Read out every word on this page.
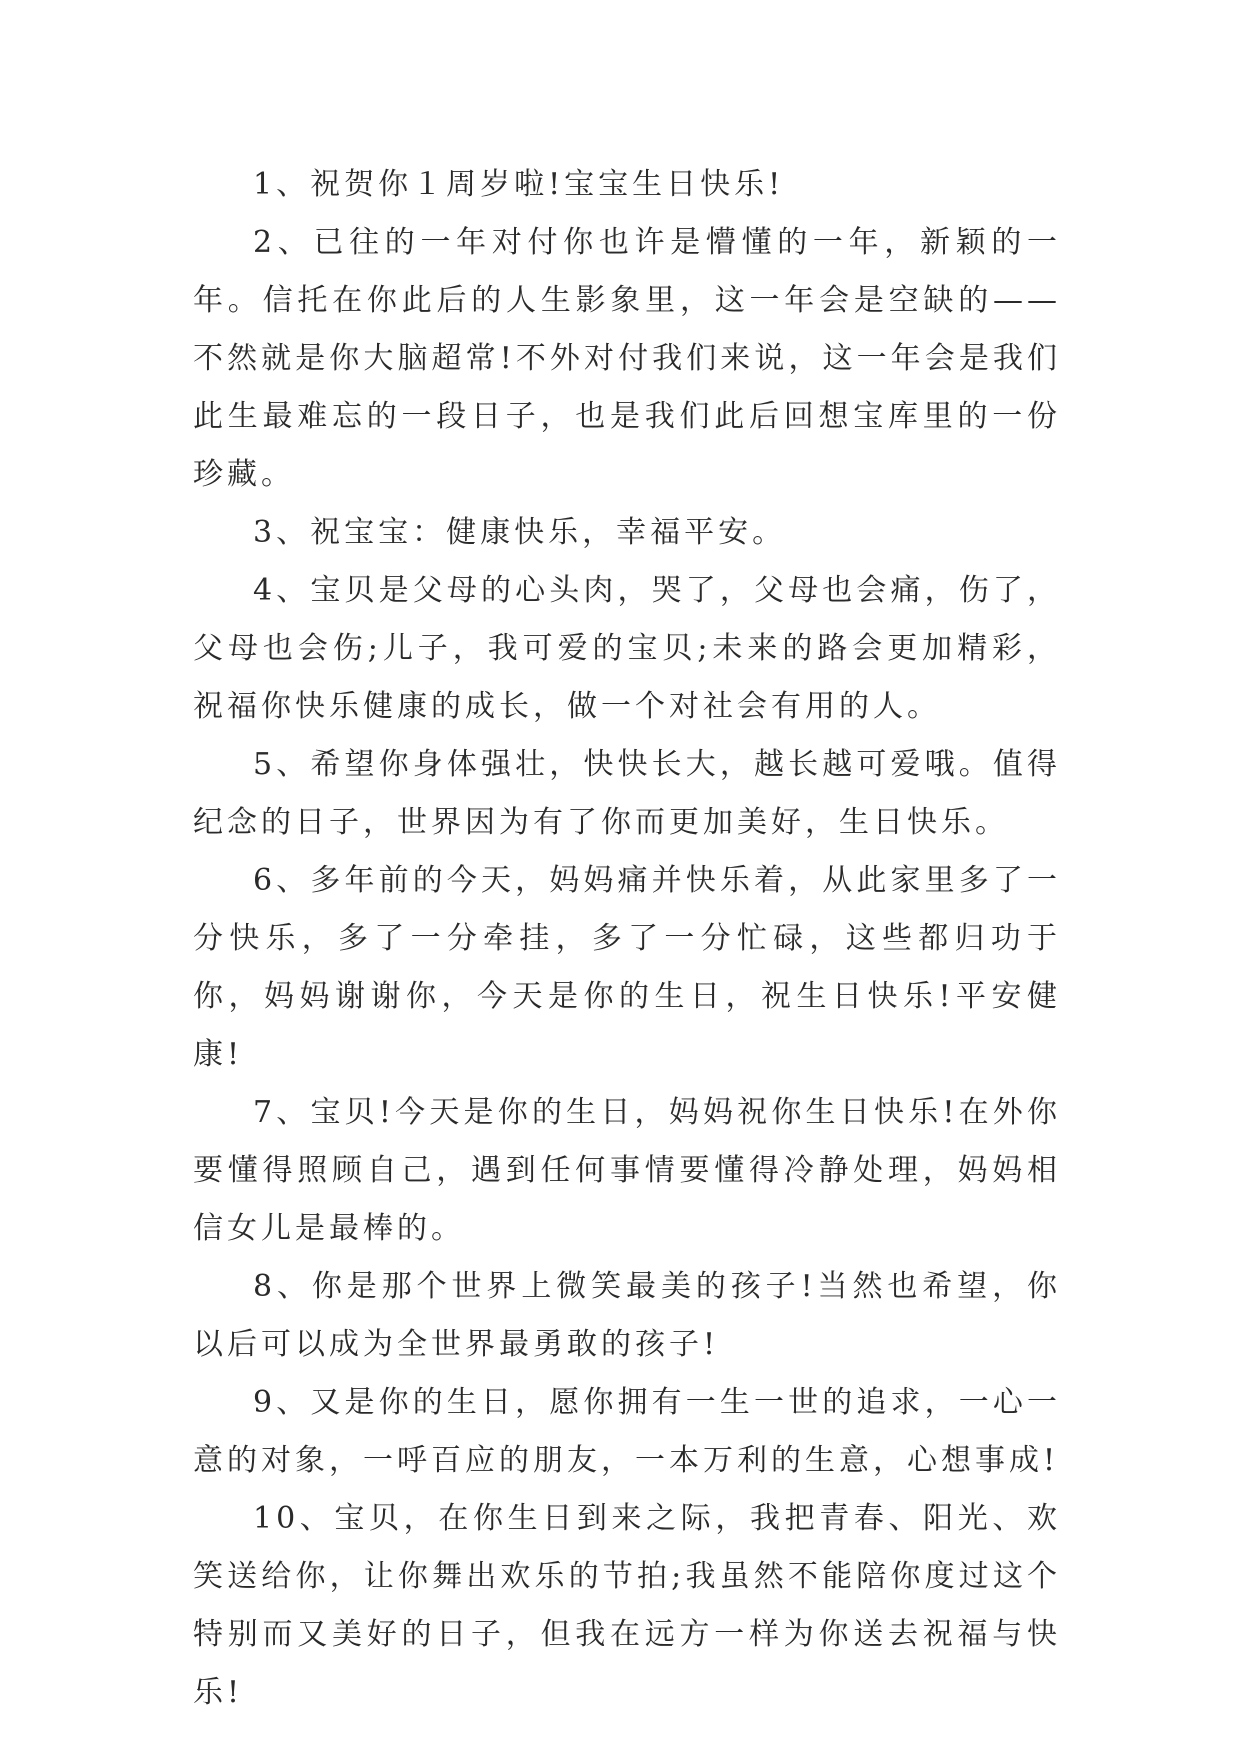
1、祝贺你１周岁啦!宝宝生日快乐!

2、已往的一年对付你也许是懵懂的一年，新颖的一年。信托在你此后的人生影象里，这一年会是空缺的——不然就是你大脑超常!不外对付我们来说，这一年会是我们此生最难忘的一段日子，也是我们此后回想宝库里的一份珍藏。

3、祝宝宝：健康快乐，幸福平安。

4、宝贝是父母的心头肉，哭了，父母也会痛，伤了，父母也会伤;儿子，我可爱的宝贝;未来的路会更加精彩，祝福你快乐健康的成长，做一个对社会有用的人。

5、希望你身体强壮，快快长大，越长越可爱哦。值得纪念的日子，世界因为有了你而更加美好，生日快乐。

6、多年前的今天，妈妈痛并快乐着，从此家里多了一分快乐，多了一分牵挂，多了一分忙碌，这些都归功于你，妈妈谢谢你，今天是你的生日，祝生日快乐!平安健康!

7、宝贝!今天是你的生日，妈妈祝你生日快乐!在外你要懂得照顾自己，遇到任何事情要懂得冷静处理，妈妈相信女儿是最棒的。

8、你是那个世界上微笑最美的孩子!当然也希望，你以后可以成为全世界最勇敢的孩子!

9、又是你的生日，愿你拥有一生一世的追求，一心一意的对象，一呼百应的朋友，一本万利的生意，心想事成!

10、宝贝，在你生日到来之际，我把青春、阳光、欢笑送给你，让你舞出欢乐的节拍;我虽然不能陪你度过这个特别而又美好的日子，但我在远方一样为你送去祝福与快乐!
